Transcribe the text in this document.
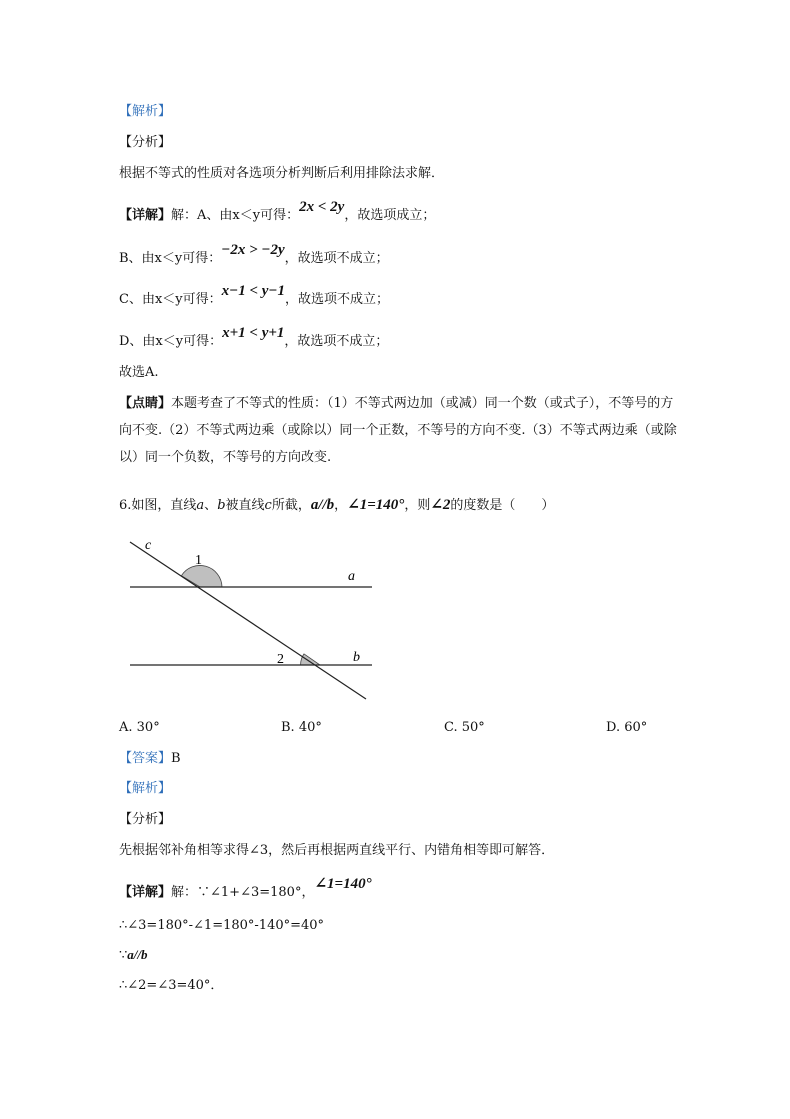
【解析】
【分析】
根据不等式的性质对各选项分析判断后利用排除法求解．
【详解】解：A、由x＜y可得：2x < 2y，故选项成立；
B、由x＜y可得：−2x > −2y，故选项不成立；
C、由x＜y可得：x−1 < y−1，故选项不成立；
D、由x＜y可得：x+1 < y+1，故选项不成立；
故选A.
【点睛】本题考查了不等式的性质：（1）不等式两边加（或减）同一个数（或式子），不等号的方向不变.（2）不等式两边乘（或除以）同一个正数，不等号的方向不变.（3）不等式两边乘（或除以）同一个负数，不等号的方向改变.
6.如图，直线a、b被直线c所截，a//b，∠1=140°，则∠2的度数是（　　）
c
1
a
2	b
A. 30°	B. 40°	C. 50°	D. 60°
【答案】B
【解析】
【分析】
先根据邻补角相等求得∠3，然后再根据两直线平行、内错角相等即可解答．
【详解】解：∵∠1+∠3=180°，∠1=140°
∴∠3=180°-∠1=180°-140°=40°
∵a//b
∴∠2=∠3=40°．
